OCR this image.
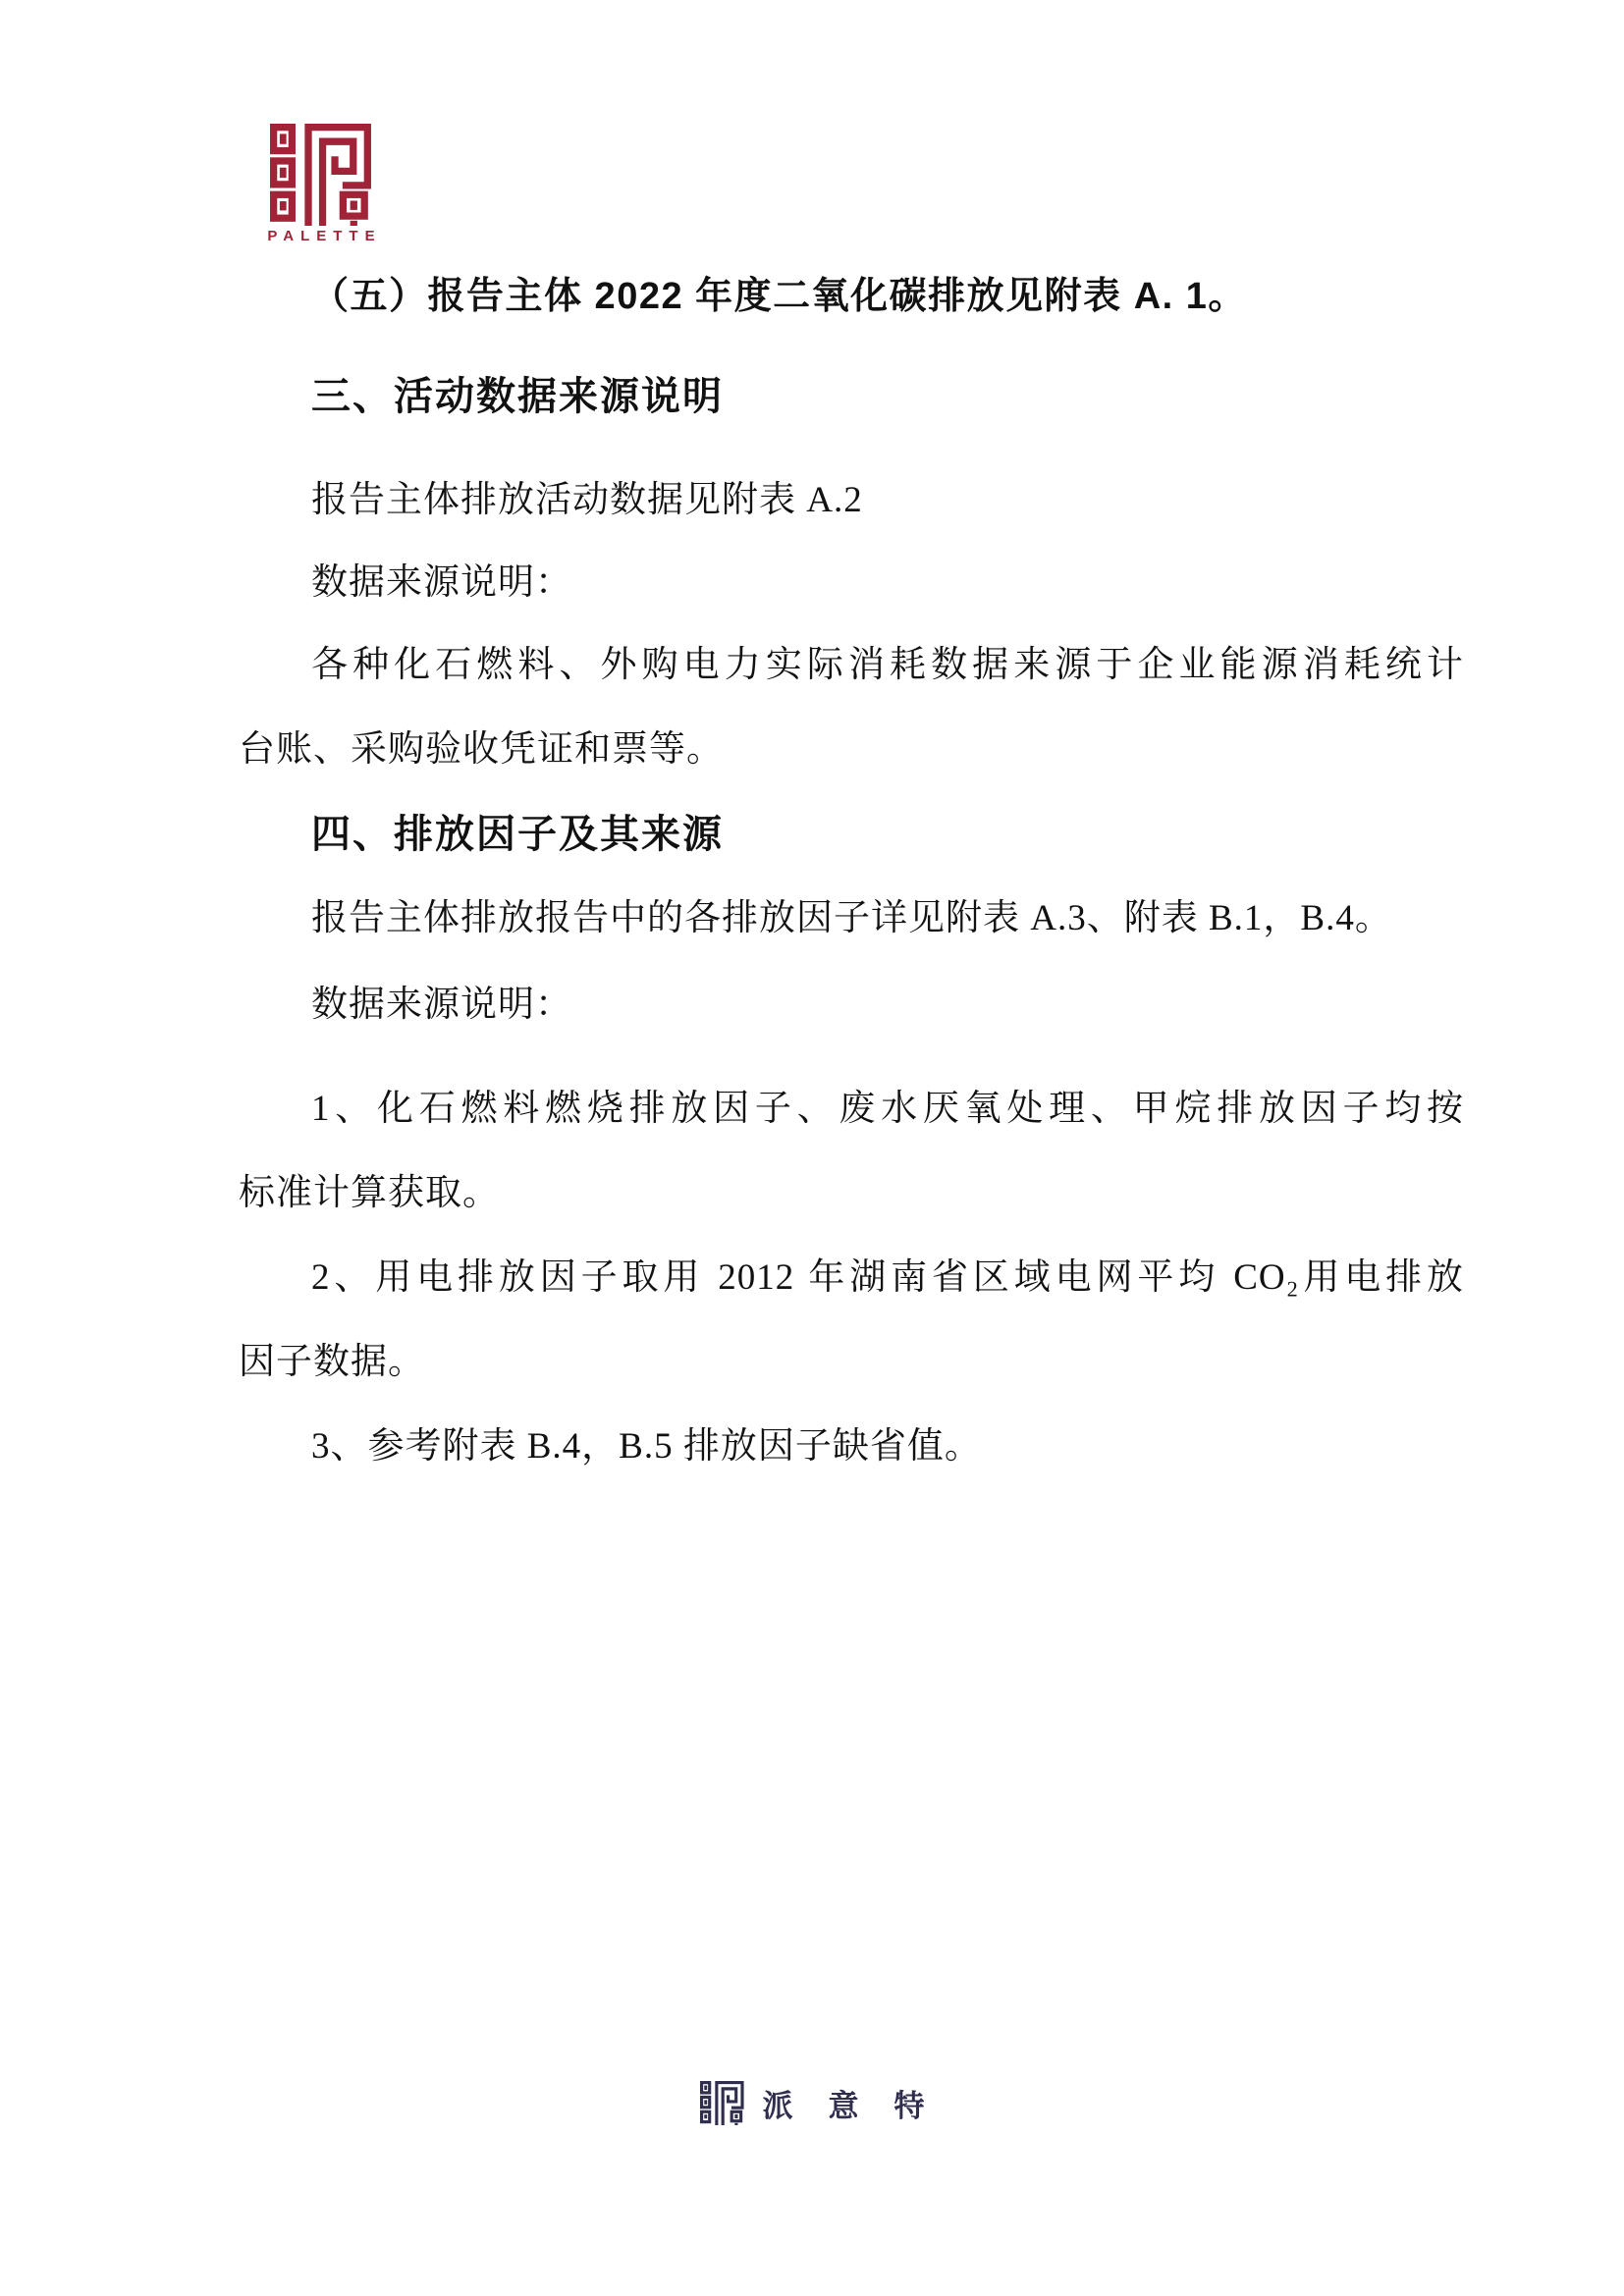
PALETTE
（五）报告主体 2022 年度二氧化碳排放见附表 A. 1。
三、活动数据来源说明
报告主体排放活动数据见附表 A.2
数据来源说明：
各种化石燃料、外购电力实际消耗数据来源于企业能源消耗统计
台账、采购验收凭证和票等。
四、排放因子及其来源
报告主体排放报告中的各排放因子详见附表 A.3、附表 B.1，B.4。
数据来源说明：
1、化石燃料燃烧排放因子、废水厌氧处理、甲烷排放因子均按
标准计算获取。
2、用电排放因子取用 2012 年湖南省区域电网平均 CO₂用电排放
因子数据。
3、参考附表 B.4，B.5 排放因子缺省值。
派意特
